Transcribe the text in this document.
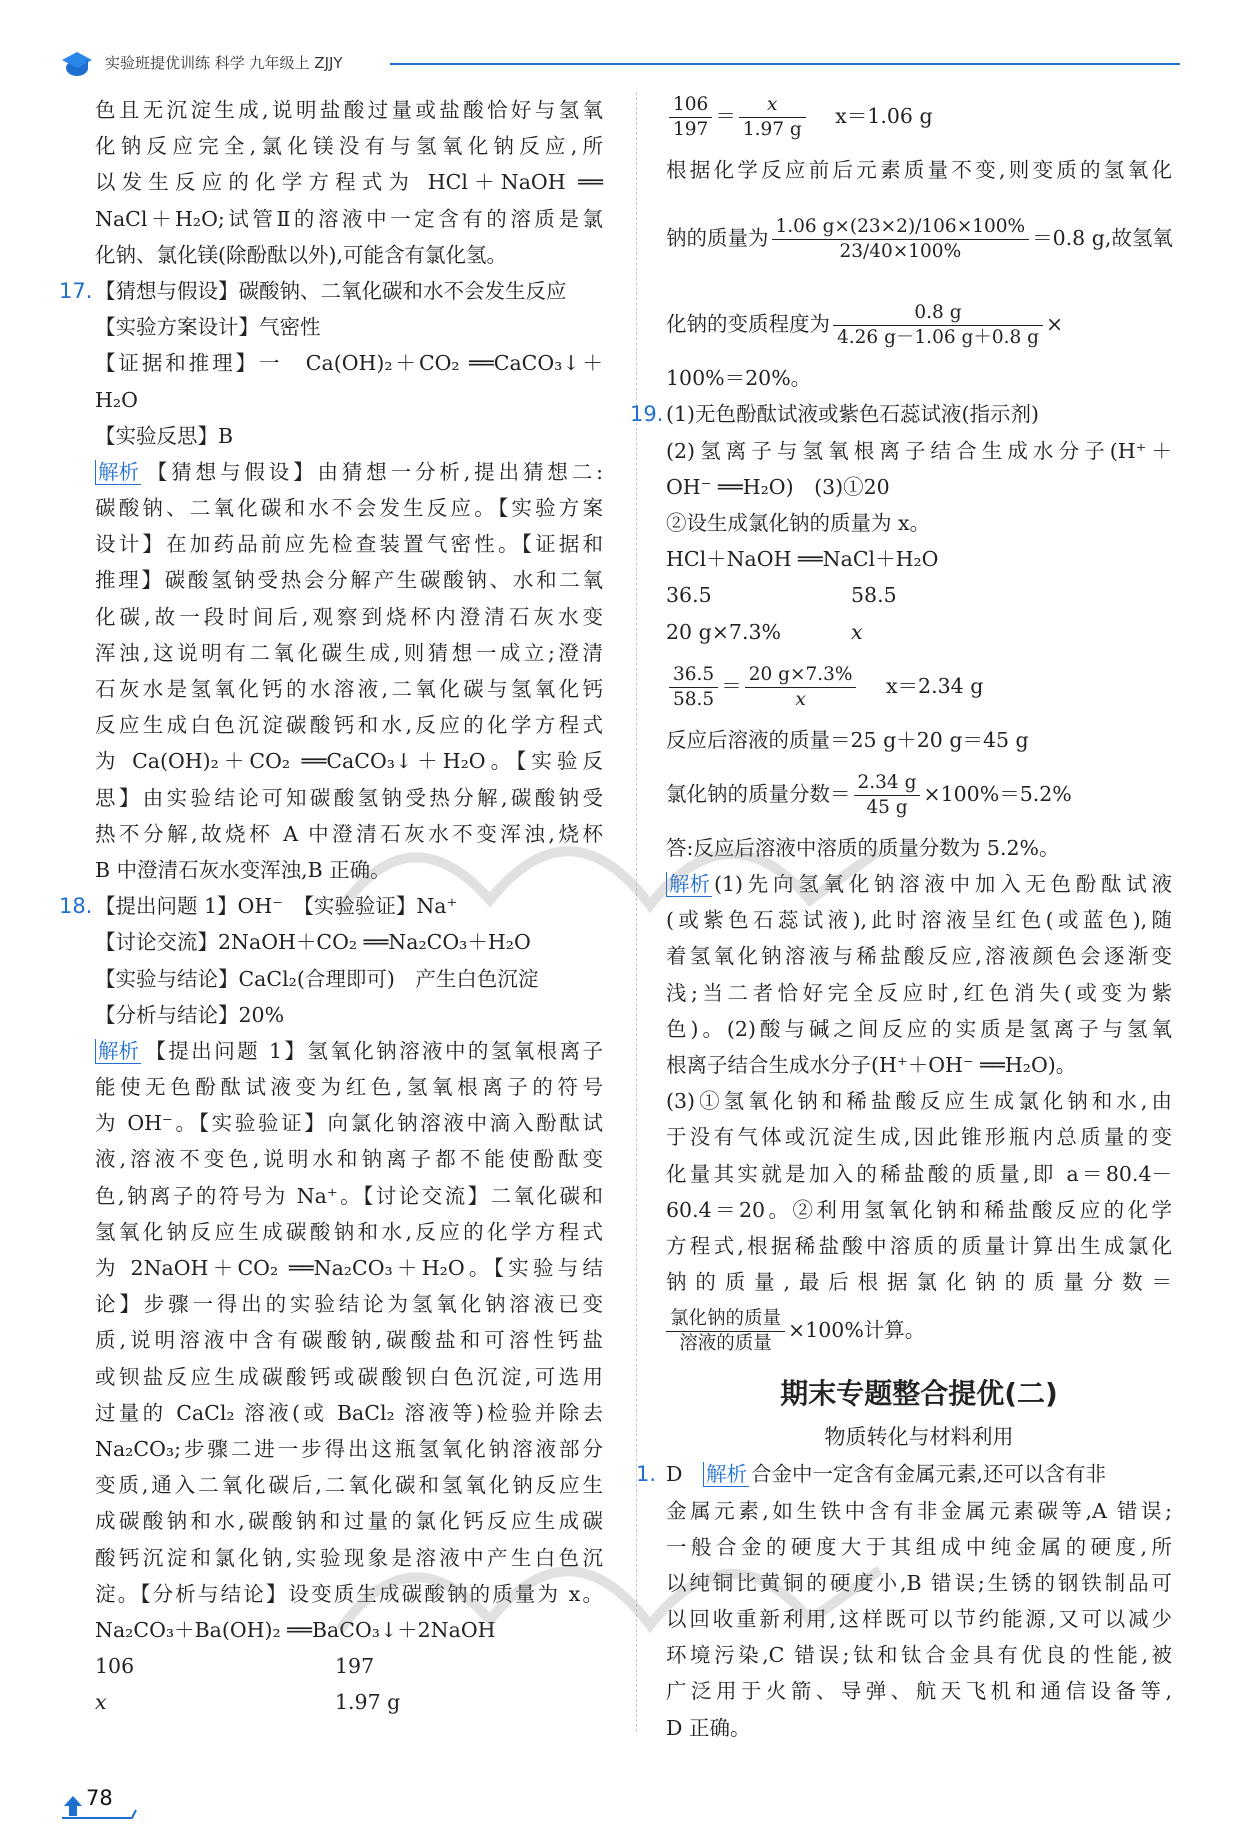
实验班提优训练 科学 九年级上 ZJJY
色且无沉淀生成,说明盐酸过量或盐酸恰好与氢氧
化钠反应完全,氯化镁没有与氢氧化钠反应,所
以发生反应的化学方程式为 HCl＋NaOH ══
NaCl＋H₂O;试管Ⅱ的溶液中一定含有的溶质是氯
化钠、氯化镁(除酚酞以外),可能含有氯化氢。
17. 【猜想与假设】碳酸钠、二氧化碳和水不会发生反应
【实验方案设计】气密性
【证据和推理】一　Ca(OH)₂＋CO₂ ══CaCO₃↓＋
H₂O
【实验反思】B
解析 【猜想与假设】由猜想一分析,提出猜想二:
碳酸钠、二氧化碳和水不会发生反应。【实验方案
设计】在加药品前应先检查装置气密性。【证据和
推理】碳酸氢钠受热会分解产生碳酸钠、水和二氧
化碳,故一段时间后,观察到烧杯内澄清石灰水变
浑浊,这说明有二氧化碳生成,则猜想一成立;澄清
石灰水是氢氧化钙的水溶液,二氧化碳与氢氧化钙
反应生成白色沉淀碳酸钙和水,反应的化学方程式
为 Ca(OH)₂＋CO₂ ══CaCO₃↓＋H₂O。【实验反
思】由实验结论可知碳酸氢钠受热分解,碳酸钠受
热不分解,故烧杯 A 中澄清石灰水不变浑浊,烧杯
B 中澄清石灰水变浑浊,B 正确。
18. 【提出问题 1】OH⁻　【实验验证】Na⁺
【讨论交流】2NaOH＋CO₂ ══Na₂CO₃＋H₂O
【实验与结论】CaCl₂(合理即可)　产生白色沉淀
【分析与结论】20%
解析 【提出问题 1】氢氧化钠溶液中的氢氧根离子
能使无色酚酞试液变为红色,氢氧根离子的符号
为 OH⁻。【实验验证】向氯化钠溶液中滴入酚酞试
液,溶液不变色,说明水和钠离子都不能使酚酞变
色,钠离子的符号为 Na⁺。【讨论交流】二氧化碳和
氢氧化钠反应生成碳酸钠和水,反应的化学方程式
为 2NaOH＋CO₂ ══Na₂CO₃＋H₂O。【实验与结
论】步骤一得出的实验结论为氢氧化钠溶液已变
质,说明溶液中含有碳酸钠,碳酸盐和可溶性钙盐
或钡盐反应生成碳酸钙或碳酸钡白色沉淀,可选用
过量的 CaCl₂ 溶液(或 BaCl₂ 溶液等)检验并除去
Na₂CO₃;步骤二进一步得出这瓶氢氧化钠溶液部分
变质,通入二氧化碳后,二氧化碳和氢氧化钠反应生
成碳酸钠和水,碳酸钠和过量的氯化钙反应生成碳
酸钙沉淀和氯化钠,实验现象是溶液中产生白色沉
淀。【分析与结论】设变质生成碳酸钠的质量为 x。
Na₂CO₃＋Ba(OH)₂ ══BaCO₃↓＋2NaOH
106	197
x	1.97 g
$\frac{106}{197} = \frac{x}{1.97 g} x=1.06$ g
根据化学反应前后元素质量不变,则变质的氢氧化
钠的质量为 $\frac{1.06 g\times(23\times 2)/106\times 100\%}{23/40\times 100\%} =0.8$ g,故氢氧
化钠的变质程度为 $\frac{0.8 g}{4.26 g-1.06 g+0.8 g}$ ×
100%＝20%。
19. (1)无色酚酞试液或紫色石蕊试液(指示剂)
(2)氢离子与氢氧根离子结合生成水分子(H⁺＋
OH⁻ ══H₂O)　(3)①20
②设生成氯化钠的质量为 x。
HCl＋NaOH ══NaCl＋H₂O
36.5	58.5
20 g×7.3%	x
$\frac{36.5}{58.5} = \frac{20 g\times 7.3\%}{x} x=2.34$ g
反应后溶液的质量＝25 g＋20 g＝45 g
氯化钠的质量分数＝ $\frac{2.34 g}{45 g} \times 100\%=5.2\%$
答:反应后溶液中溶质的质量分数为 5.2%。
解析 (1)先向氢氧化钠溶液中加入无色酚酞试液
(或紫色石蕊试液),此时溶液呈红色(或蓝色),随
着氢氧化钠溶液与稀盐酸反应,溶液颜色会逐渐变
浅;当二者恰好完全反应时,红色消失(或变为紫
色)。(2)酸与碱之间反应的实质是氢离子与氢氧
根离子结合生成水分子(H⁺＋OH⁻ ══H₂O)。
(3)①氢氧化钠和稀盐酸反应生成氯化钠和水,由
于没有气体或沉淀生成,因此锥形瓶内总质量的变
化量其实就是加入的稀盐酸的质量,即 a＝80.4－
60.4＝20。②利用氢氧化钠和稀盐酸反应的化学
方程式,根据稀盐酸中溶质的质量计算出生成氯化
钠的质量,最后根据氯化钠的质量分数＝
$\frac{\text{氯化钠的质量}}{\text{溶液的质量}} \times 100\%$计算。
期末专题整合提优(二)
物质转化与材料利用
1. D 解析 合金中一定含有金属元素,还可以含有非
金属元素,如生铁中含有非金属元素碳等,A 错误;
一般合金的硬度大于其组成中纯金属的硬度,所
以纯铜比黄铜的硬度小,B 错误;生锈的钢铁制品可
以回收重新利用,这样既可以节约能源,又可以减少
环境污染,C 错误;钛和钛合金具有优良的性能,被
广泛用于火箭、导弹、航天飞机和通信设备等,
D 正确。
78
